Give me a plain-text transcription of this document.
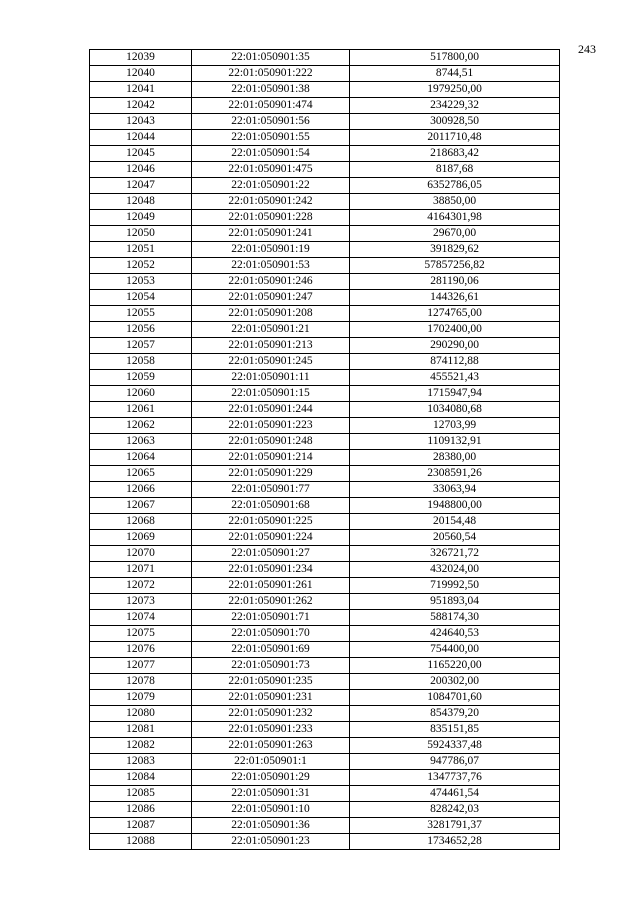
243
12039	22:01:050901:35	517800,00
12040	22:01:050901:222	8744,51
12041	22:01:050901:38	1979250,00
12042	22:01:050901:474	234229,32
12043	22:01:050901:56	300928,50
12044	22:01:050901:55	2011710,48
12045	22:01:050901:54	218683,42
12046	22:01:050901:475	8187,68
12047	22:01:050901:22	6352786,05
12048	22:01:050901:242	38850,00
12049	22:01:050901:228	4164301,98
12050	22:01:050901:241	29670,00
12051	22:01:050901:19	391829,62
12052	22:01:050901:53	57857256,82
12053	22:01:050901:246	281190,06
12054	22:01:050901:247	144326,61
12055	22:01:050901:208	1274765,00
12056	22:01:050901:21	1702400,00
12057	22:01:050901:213	290290,00
12058	22:01:050901:245	874112,88
12059	22:01:050901:11	455521,43
12060	22:01:050901:15	1715947,94
12061	22:01:050901:244	1034080,68
12062	22:01:050901:223	12703,99
12063	22:01:050901:248	1109132,91
12064	22:01:050901:214	28380,00
12065	22:01:050901:229	2308591,26
12066	22:01:050901:77	33063,94
12067	22:01:050901:68	1948800,00
12068	22:01:050901:225	20154,48
12069	22:01:050901:224	20560,54
12070	22:01:050901:27	326721,72
12071	22:01:050901:234	432024,00
12072	22:01:050901:261	719992,50
12073	22:01:050901:262	951893,04
12074	22:01:050901:71	588174,30
12075	22:01:050901:70	424640,53
12076	22:01:050901:69	754400,00
12077	22:01:050901:73	1165220,00
12078	22:01:050901:235	200302,00
12079	22:01:050901:231	1084701,60
12080	22:01:050901:232	854379,20
12081	22:01:050901:233	835151,85
12082	22:01:050901:263	5924337,48
12083	22:01:050901:1	947786,07
12084	22:01:050901:29	1347737,76
12085	22:01:050901:31	474461,54
12086	22:01:050901:10	828242,03
12087	22:01:050901:36	3281791,37
12088	22:01:050901:23	1734652,28
